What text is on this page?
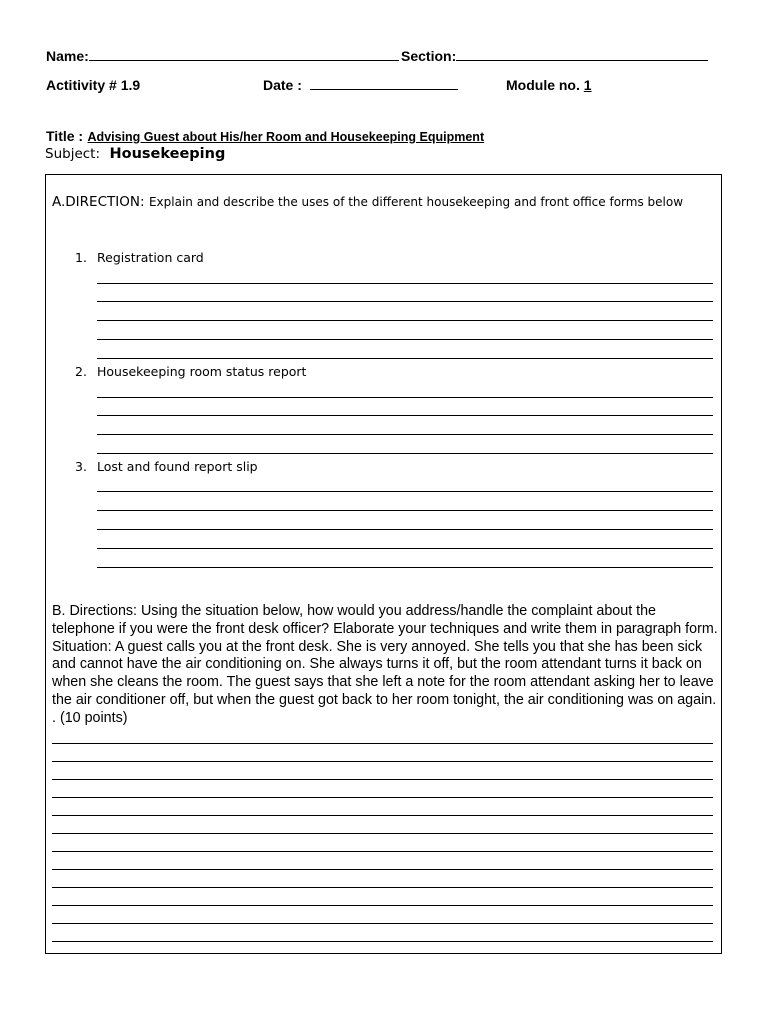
Name:	Section:
Actitivity # 1.9	Date :	Module no. 1
Title : Advising Guest about His/her Room and Housekeeping Equipment
Subject: Housekeeping
A.DIRECTION: Explain and describe the uses of the different housekeeping and front office forms below
1. Registration card
2. Housekeeping room status report
3. Lost and found report slip
B. Directions: Using the situation below, how would you address/handle the complaint about the telephone if you were the front desk officer? Elaborate your techniques and write them in paragraph form. Situation: A guest calls you at the front desk. She is very annoyed. She tells you that she has been sick and cannot have the air conditioning on. She always turns it off, but the room attendant turns it back on when she cleans the room. The guest says that she left a note for the room attendant asking her to leave the air conditioner off, but when the guest got back to her room tonight, the air conditioning was on again. . (10 points)
